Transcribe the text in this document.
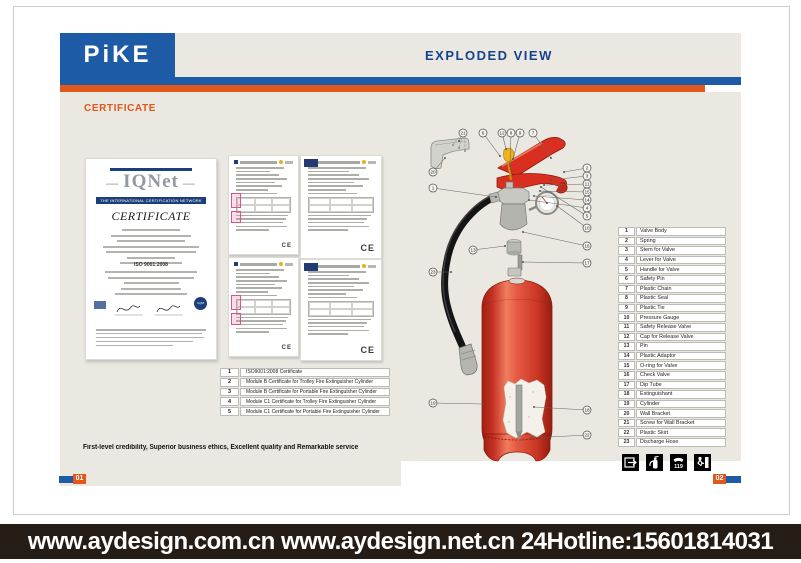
PiKE	EXPLODED VIEW
CERTIFICATE
— IQNet —
THE INTERNATIONAL CERTIFICATION NETWORK
CERTIFICATE
ISO 9001:2008
CQM
CE	CE
CE	CE
1	ISO9001:2008 Certificate
2	Module B Certificate for Trolley Fire Extinguisher Cylinder
3	Module B Certificate for Portable Fire Extinguisher Cylinder
4	Module C1 Certificate for Trolley Fire Extinguisher Cylinder
5	Module C1 Certificate for Portable Fire Extinguisher Cylinder
First-level credibility, Superior business ethics, Excellent quality and Remarkable service
01	02
21	6	12 8 9 7
20
1
23
19
13
2
3
11
15
14
4
5
10
16
17
18
22
1	Valve Body
2	Spring
3	Stem for Valve
4	Lever for Valve
5	Handle for Valve
6	Safety Pin
7	Plastic Chain
8	Plastic Seal
9	Plastic Tie
10	Pressure Gauge
11	Safety Release Valve
12	Cap for Release Valve
13	Pin
14	Plastic Adaptor
15	O-ring for Valve
16	Check Valve
17	Dip Tube
18	Extinguishant
19	Cylinder
20	Wall Bracket
21	Screw for Wall Bracket
22	Plastic Skirt
23	Discharge Hose
119
www.aydesign.com.cn www.aydesign.net.cn 24Hotline:15601814031
